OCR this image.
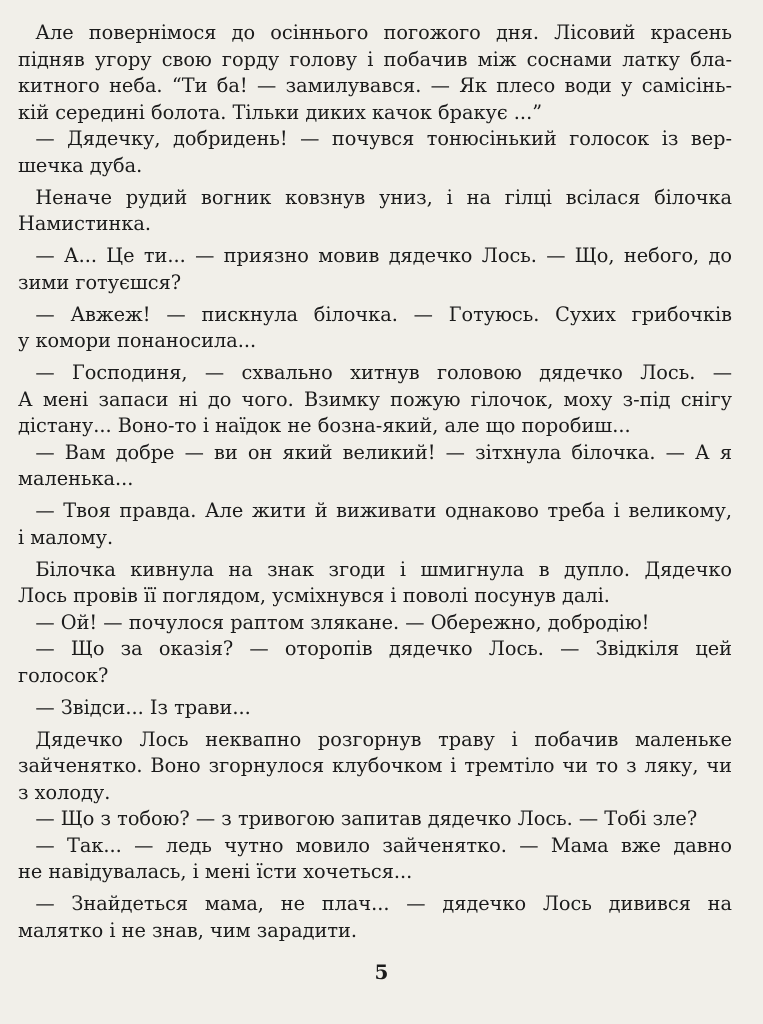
Але повернімося до осіннього погожого дня. Лісовий красень
підняв угору свою горду голову і побачив між соснами латку бла-
китного неба. “Ти ба! — замилувався. — Як плесо води у самісінь-
кій середині болота. Тільки диких качок бракує ...”
— Дядечку, добридень! — почувся тонюсінький голосок із вер-
шечка дуба.
Неначе рудий вогник ковзнув униз, і на гілці всілася білочка
Намистинка.
— А... Це ти... — приязно мовив дядечко Лось. — Що, небого, до
зими готуєшся?
— Авжеж! — пискнула білочка. — Готуюсь. Сухих грибочків
у комори понаносила...
— Господиня, — схвально хитнув головою дядечко Лось. —
А мені запаси ні до чого. Взимку пожую гілочок, моху з-під снігу
дістану... Воно-то і наїдок не бозна-який, але що поробиш...
— Вам добре — ви он який великий! — зітхнула білочка. — А я
маленька...
— Твоя правда. Але жити й виживати однаково треба і великому,
і малому.
Білочка кивнула на знак згоди і шмигнула в дупло. Дядечко
Лось провів її поглядом, усміхнувся і поволі посунув далі.
— Ой! — почулося раптом злякане. — Обережно, добродію!
— Що за оказія? — оторопів дядечко Лось. — Звідкіля цей
голосок?
— Звідси... Із трави...
Дядечко Лось неквапно розгорнув траву і побачив маленьке
зайченятко. Воно згорнулося клубочком і тремтіло чи то з ляку, чи
з холоду.
— Що з тобою? — з тривогою запитав дядечко Лось. — Тобі зле?
— Так... — ледь чутно мовило зайченятко. — Мама вже давно
не навідувалась, і мені їсти хочеться...
— Знайдеться мама, не плач... — дядечко Лось дивився на
малятко і не знав, чим зарадити.
5
